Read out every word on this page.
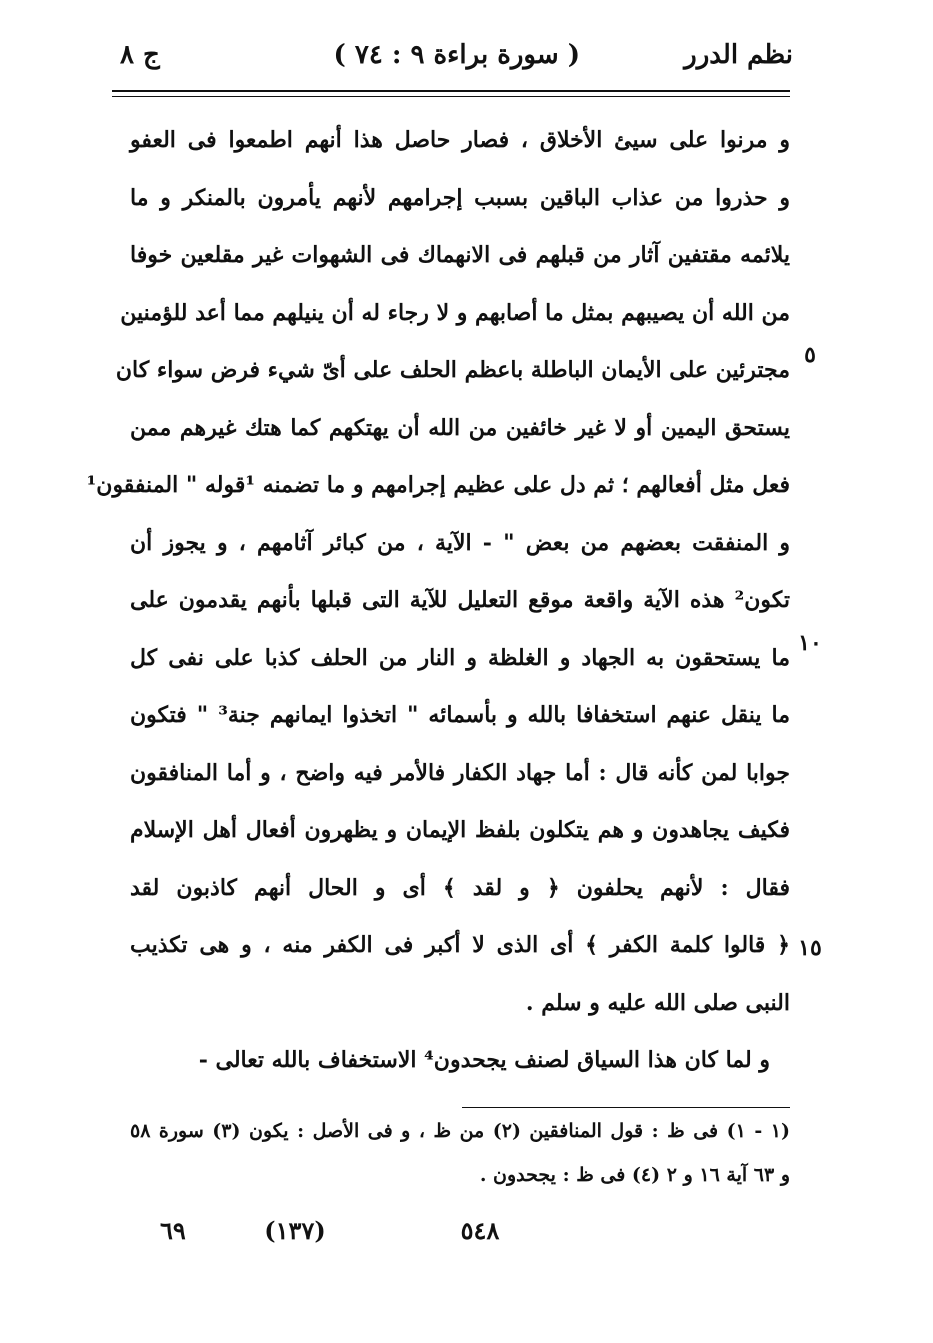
نظم الدرر
( سورة براءة ٩ : ٧٤ )
ج ٨
و مرنوا على سيئ الأخلاق ، فصار حاصل هذا أنهم اطمعوا فى العفو
و حذروا من عذاب الباقين بسبب إجرامهم لأنهم يأمرون بالمنكر و ما
يلائمه مقتفين آثار من قبلهم فى الانهماك فى الشهوات غير مقلعين خوفا
من الله أن يصيبهم بمثل ما أصابهم و لا رجاء له أن ينيلهم مما أعد للؤمنين
مجترئين على الأيمان الباطلة باعظم الحلف على أىّ شيء فرض سواء كان
يستحق اليمين أو لا غير خائفين من الله أن يهتكهم كما هتك غيرهم ممن
فعل مثل أفعالهم ؛ ثم دل على عظيم إجرامهم و ما تضمنه ¹قوله " المنفقون¹
و المنفقت بعضهم من بعض " - الآية ، من كبائر آثامهم ، و يجوز أن
تكون² هذه الآية واقعة موقع التعليل للآية التى قبلها بأنهم يقدمون على
ما يستحقون به الجهاد و الغلظة و النار من الحلف كذبا على نفى كل
ما ينقل عنهم استخفافا بالله و بأسمائه " اتخذوا ايمانهم جنة³ " فتكون
جوابا لمن كأنه قال : أما جهاد الكفار فالأمر فيه واضح ، و أما المنافقون
فكيف يجاهدون و هم يتكلون بلفظ الإيمان و يظهرون أفعال أهل الإسلام
فقال : لأنهم يحلفون ﴿ و لقد ﴾ أى و الحال أنهم كاذبون لقد
﴿ قالوا كلمة الكفر ﴾ أى الذى لا أكبر فى الكفر منه ، و هى تكذيب
النبى صلى الله عليه و سلم .
و لما كان هذا السياق لصنف يجحدون⁴ الاستخفاف بالله تعالى -
٥
١٠
١٥
(١ - ١) فى ظ : قول المنافقين (٢) من ظ ، و فى الأصل : يكون (٣) سورة ٥٨
و ٦٣ آية ١٦ و ٢ (٤) فى ظ : يجحدون .
٥٤٨
(١٣٧)
٦٩
